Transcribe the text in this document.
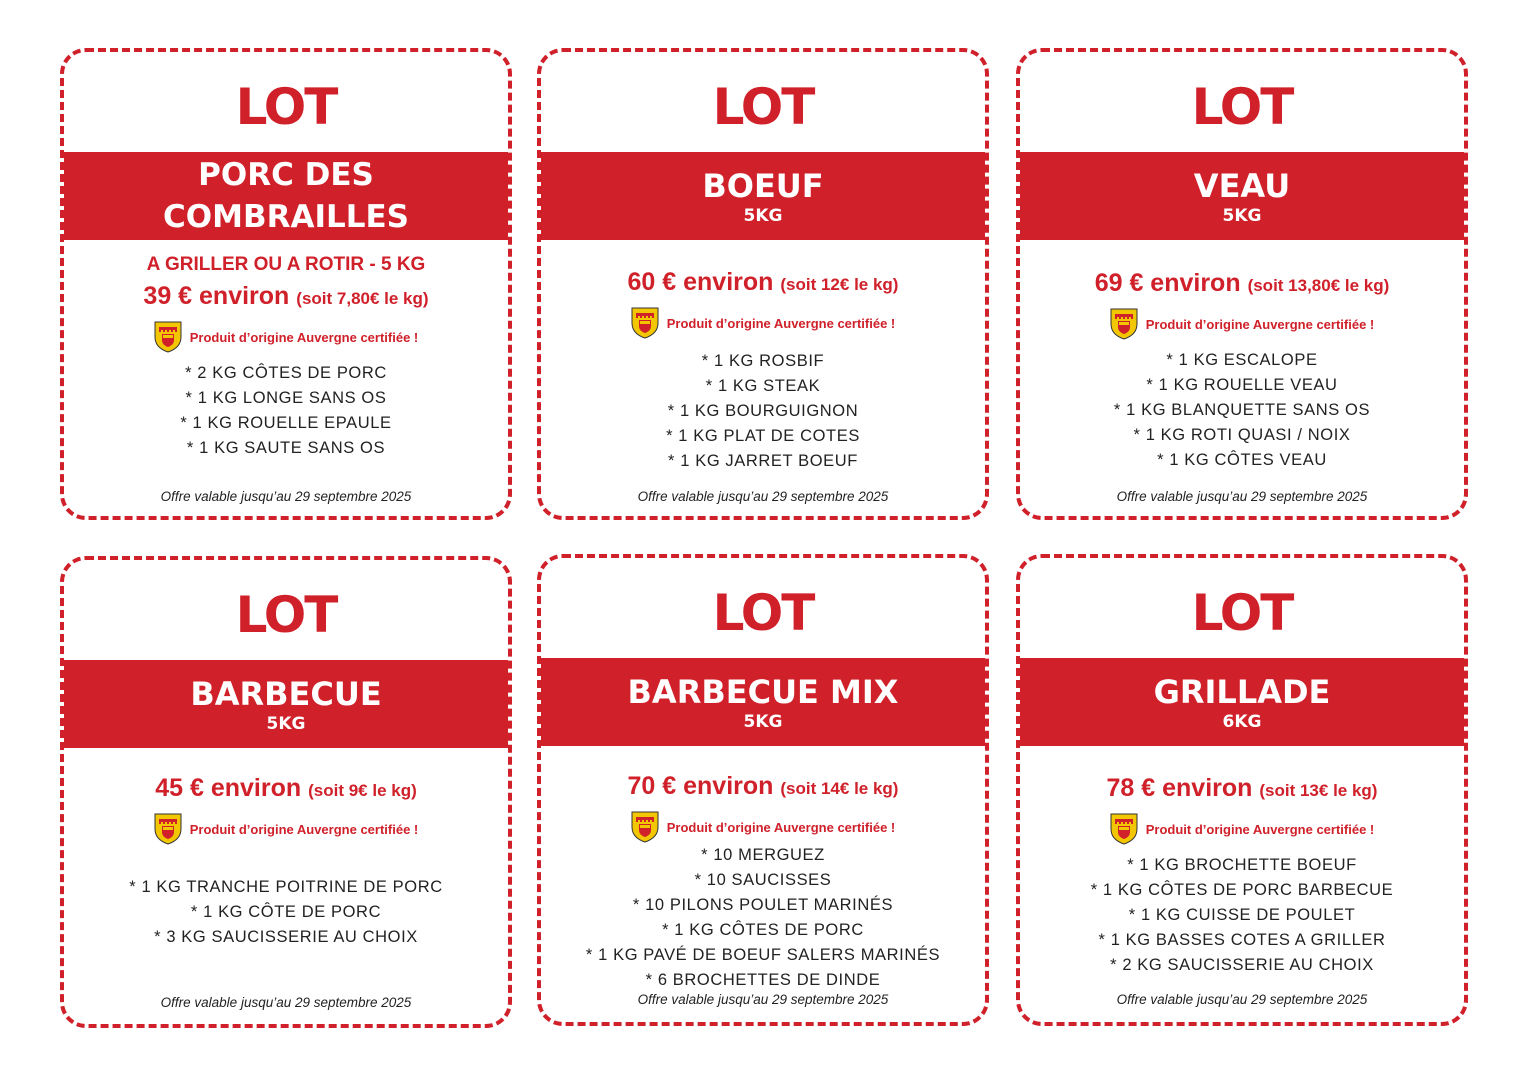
LOT
PORC DES
COMBRAILLES
A GRILLER OU A ROTIR - 5 KG
39 € environ (soit 7,80€ le kg)
Produit d’origine Auvergne certifiée !
* 2 KG CÔTES DE PORC
* 1 KG LONGE SANS OS
* 1 KG ROUELLE EPAULE
* 1 KG SAUTE SANS OS
Offre valable jusqu’au 29 septembre 2025
LOT
BOEUF
5KG
60 € environ (soit 12€ le kg)
Produit d’origine Auvergne certifiée !
* 1 KG ROSBIF
* 1 KG STEAK
* 1 KG BOURGUIGNON
* 1 KG PLAT DE COTES
* 1 KG JARRET BOEUF
Offre valable jusqu’au 29 septembre 2025
LOT
VEAU
5KG
69 € environ (soit 13,80€ le kg)
Produit d’origine Auvergne certifiée !
* 1 KG ESCALOPE
* 1 KG ROUELLE VEAU
* 1 KG BLANQUETTE SANS OS
* 1 KG ROTI QUASI / NOIX
* 1 KG CÔTES VEAU
Offre valable jusqu’au 29 septembre 2025
LOT
BARBECUE
5KG
45 € environ (soit 9€ le kg)
Produit d’origine Auvergne certifiée !
* 1 KG TRANCHE POITRINE DE PORC
* 1 KG CÔTE DE PORC
* 3 KG SAUCISSERIE AU CHOIX
Offre valable jusqu’au 29 septembre 2025
LOT
BARBECUE MIX
5KG
70 € environ (soit 14€ le kg)
Produit d’origine Auvergne certifiée !
* 10 MERGUEZ
* 10 SAUCISSES
* 10 PILONS POULET MARINÉS
* 1 KG CÔTES DE PORC
* 1 KG PAVÉ DE BOEUF SALERS MARINÉS
* 6 BROCHETTES DE DINDE
Offre valable jusqu’au 29 septembre 2025
LOT
GRILLADE
6KG
78 € environ (soit 13€ le kg)
Produit d’origine Auvergne certifiée !
* 1 KG BROCHETTE BOEUF
* 1 KG CÔTES DE PORC BARBECUE
* 1 KG CUISSE DE POULET
* 1 KG BASSES COTES A GRILLER
* 2 KG SAUCISSERIE AU CHOIX
Offre valable jusqu’au 29 septembre 2025
